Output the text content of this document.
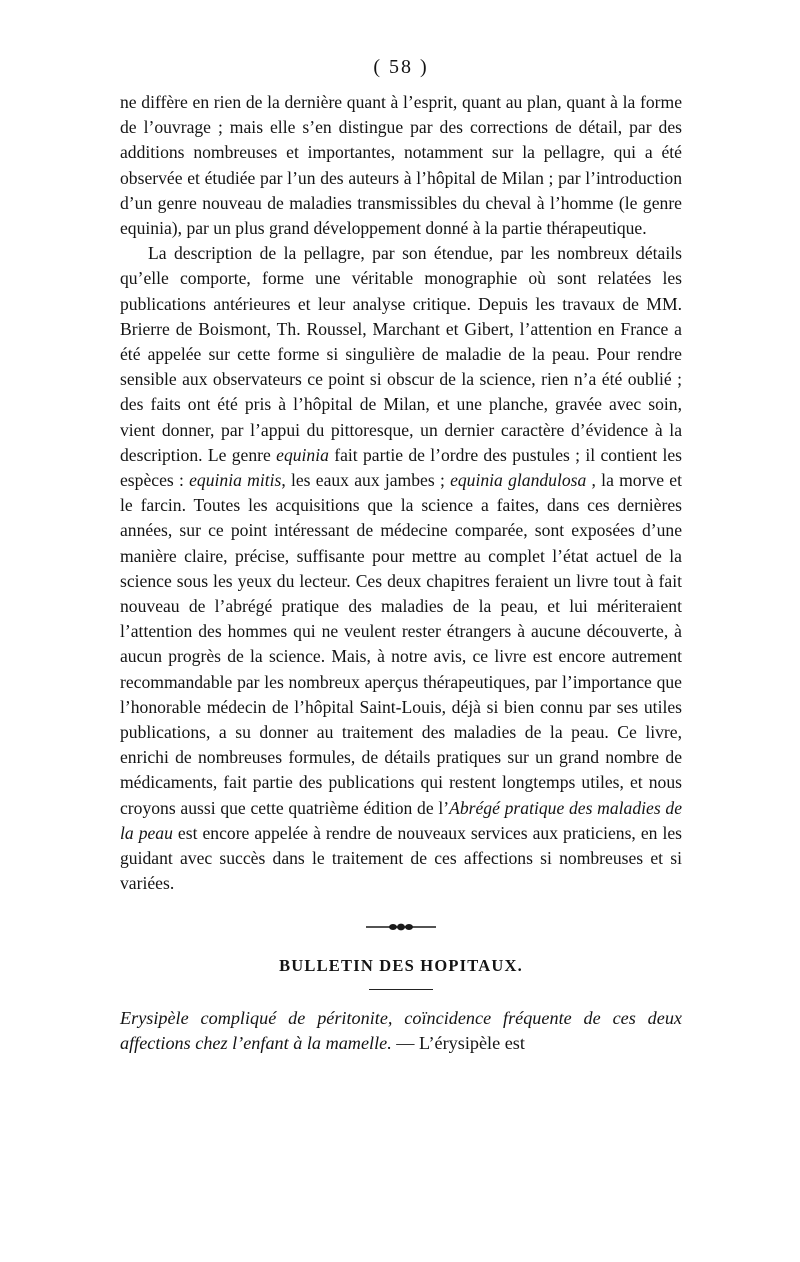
( 58 )

ne diffère en rien de la dernière quant à l’esprit, quant au plan, quant à la forme de l’ouvrage ; mais elle s’en distingue par des corrections de détail, par des additions nombreuses et importantes, notamment sur la pellagre, qui a été observée et étudiée par l’un des auteurs à l’hôpital de Milan ; par l’introduction d’un genre nouveau de maladies transmissibles du cheval à l’homme (le genre equinia), par un plus grand développement donné à la partie thérapeutique.

La description de la pellagre, par son étendue, par les nombreux détails qu’elle comporte, forme une véritable monographie où sont relatées les publications antérieures et leur analyse critique. Depuis les travaux de MM. Brierre de Boismont, Th. Roussel, Marchant et Gibert, l’attention en France a été appelée sur cette forme si singulière de maladie de la peau. Pour rendre sensible aux observateurs ce point si obscur de la science, rien n’a été oublié ; des faits ont été pris à l’hôpital de Milan, et une planche, gravée avec soin, vient donner, par l’appui du pittoresque, un dernier caractère d’évidence à la description. Le genre equinia fait partie de l’ordre des pustules ; il contient les espèces : equinia mitis, les eaux aux jambes ; equinia glandulosa , la morve et le farcin. Toutes les acquisitions que la science a faites, dans ces dernières années, sur ce point intéressant de médecine comparée, sont exposées d’une manière claire, précise, suffisante pour mettre au complet l’état actuel de la science sous les yeux du lecteur. Ces deux chapitres feraient un livre tout à fait nouveau de l’abrégé pratique des maladies de la peau, et lui mériteraient l’attention des hommes qui ne veulent rester étrangers à aucune découverte, à aucun progrès de la science. Mais, à notre avis, ce livre est encore autrement recommandable par les nombreux aperçus thérapeutiques, par l’importance que l’honorable médecin de l’hôpital Saint-Louis, déjà si bien connu par ses utiles publications, a su donner au traitement des maladies de la peau. Ce livre, enrichi de nombreuses formules, de détails pratiques sur un grand nombre de médicaments, fait partie des publications qui restent longtemps utiles, et nous croyons aussi que cette quatrième édition de l’Abrégé pratique des maladies de la peau est encore appelée à rendre de nouveaux services aux praticiens, en les guidant avec succès dans le traitement de ces affections si nombreuses et si variées.

BULLETIN DES HOPITAUX.

Erysipèle compliqué de péritonite, coïncidence fréquente de ces deux affections chez l’enfant à la mamelle. — L’érysipèle est
